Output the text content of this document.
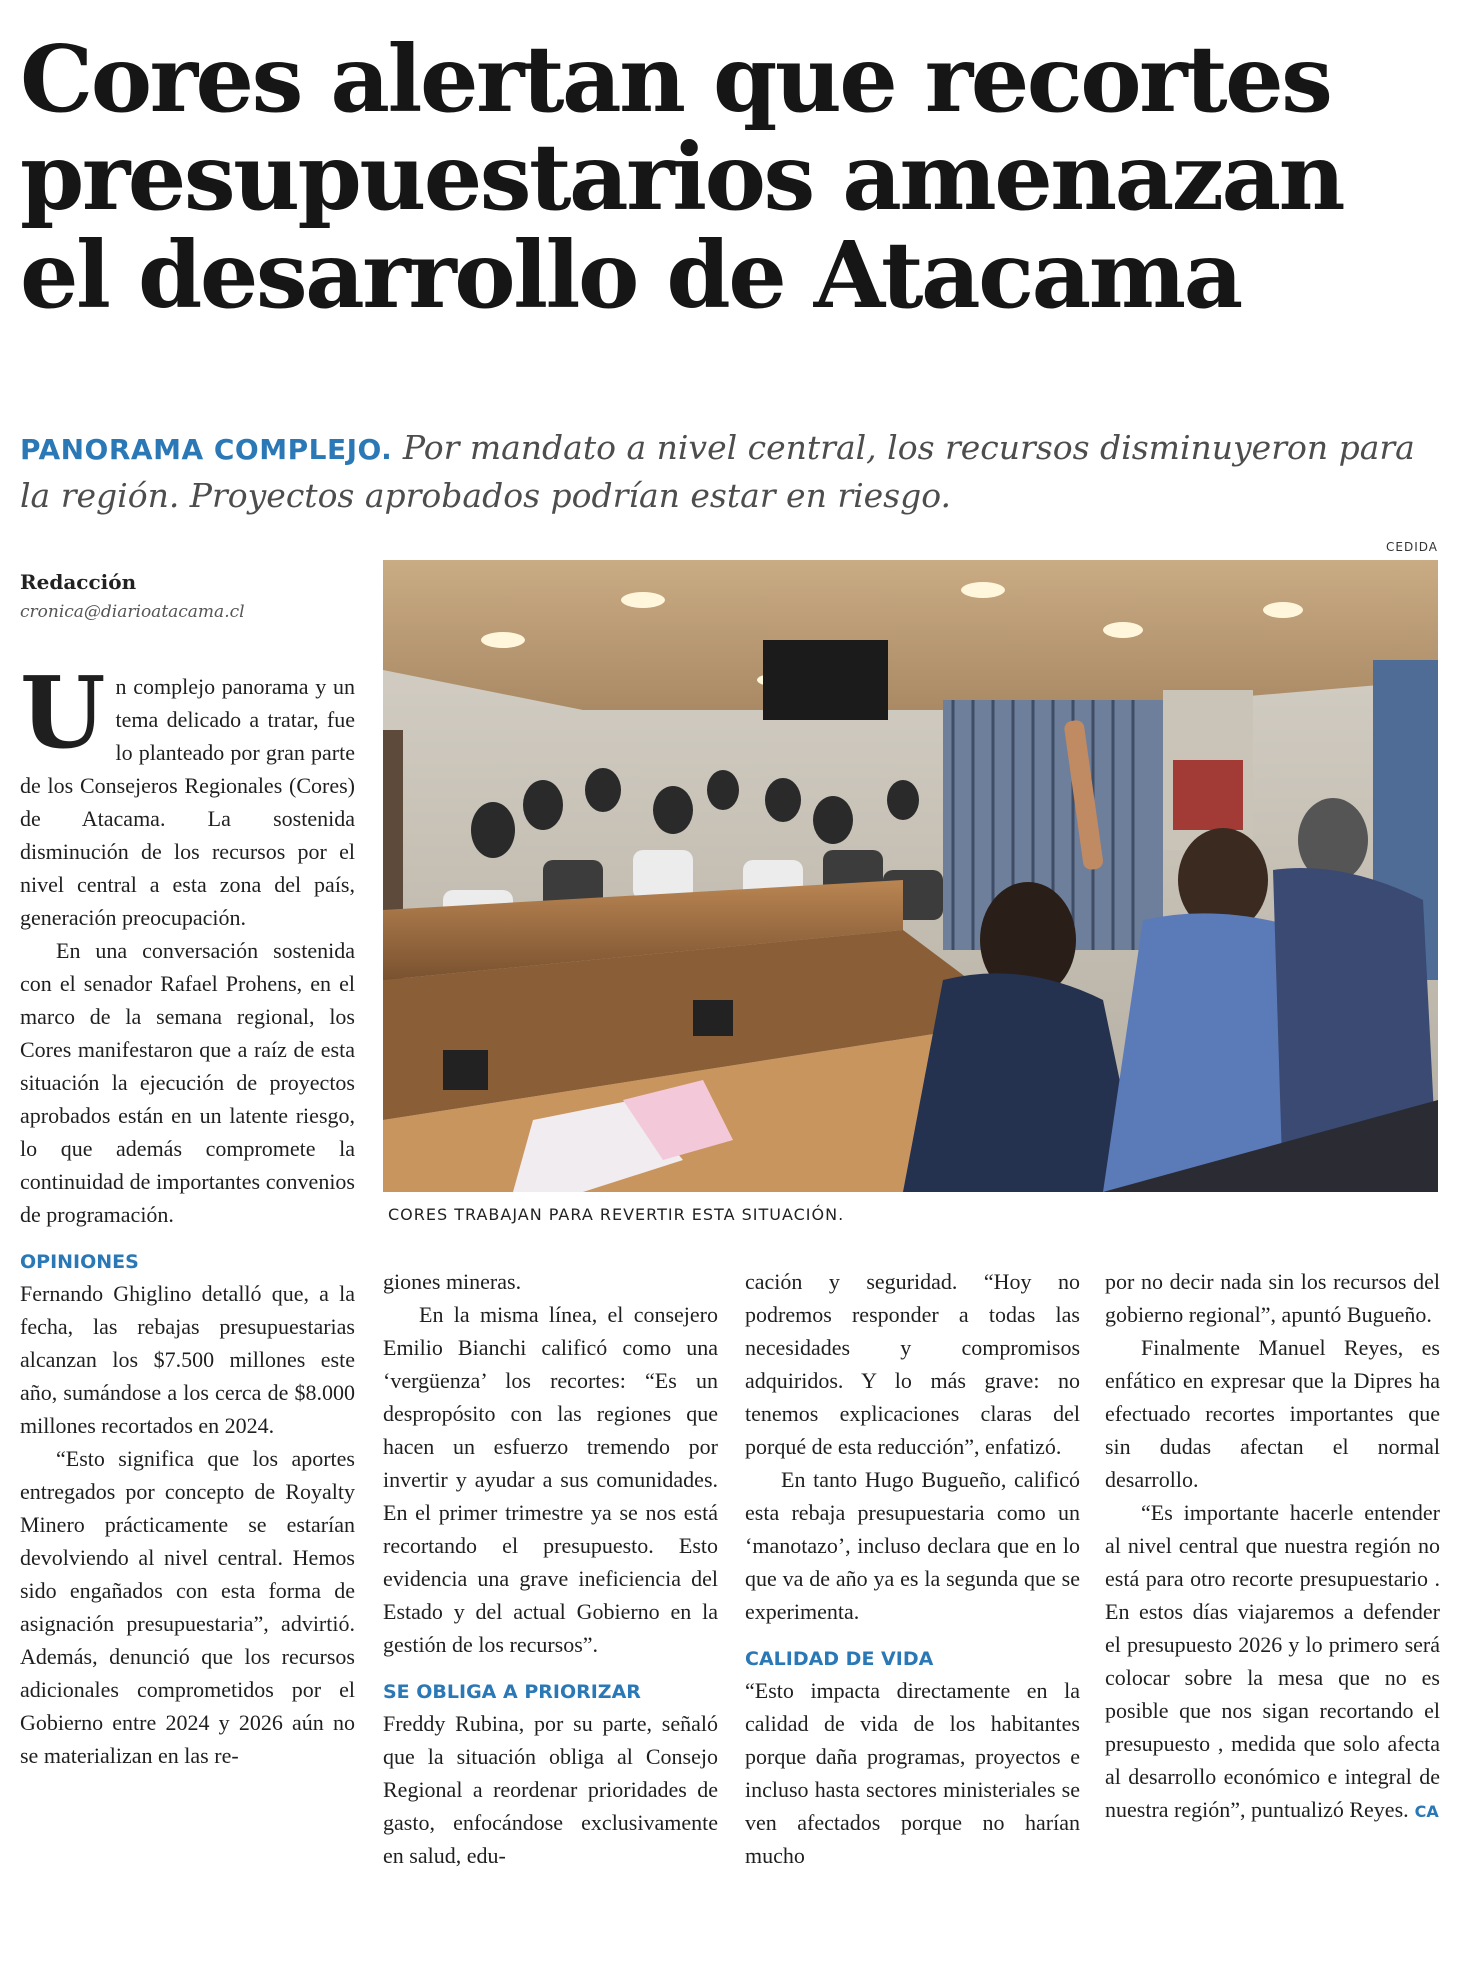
Cores alertan que recortes
presupuestarios amenazan
el desarrollo de Atacama
PANORAMA COMPLEJO. Por mandato a nivel central, los recursos disminuyeron para la región. Proyectos aprobados podrían estar en riesgo.
Redacción
cronica@diarioatacama.cl
CEDIDA
CORES TRABAJAN PARA REVERTIR ESTA SITUACIÓN.

Un complejo panorama y un tema delicado a tratar, fue lo planteado por gran parte de los Consejeros Regionales (Cores) de Atacama. La sostenida disminución de los recursos por el nivel central a esta zona del país, generación preocupación.

En una conversación sostenida con el senador Rafael Prohens, en el marco de la semana regional, los Cores manifestaron que a raíz de esta situación la ejecución de proyectos aprobados están en un latente riesgo, lo que además compromete la continuidad de importantes convenios de programación.

OPINIONES

Fernando Ghiglino detalló que, a la fecha, las rebajas presupuestarias alcanzan los $7.500 millones este año, sumándose a los cerca de $8.000 millones recortados en 2024.

“Esto significa que los aportes entregados por concepto de Royalty Minero prácticamente se estarían devolviendo al nivel central. Hemos sido engañados con esta forma de asignación presupuestaria”, advirtió. Además, denunció que los recursos adicionales comprometidos por el Gobierno entre 2024 y 2026 aún no se materializan en las re-

giones mineras.

En la misma línea, el consejero Emilio Bianchi calificó como una ‘vergüenza’ los recortes: “Es un despropósito con las regiones que hacen un esfuerzo tremendo por invertir y ayudar a sus comunidades. En el primer trimestre ya se nos está recortando el presupuesto. Esto evidencia una grave ineficiencia del Estado y del actual Gobierno en la gestión de los recursos”.

SE OBLIGA A PRIORIZAR

Freddy Rubina, por su parte, señaló que la situación obliga al Consejo Regional a reordenar prioridades de gasto, enfocándose exclusivamente en salud, edu-

cación y seguridad. “Hoy no podremos responder a todas las necesidades y compromisos adquiridos. Y lo más grave: no tenemos explicaciones claras del porqué de esta reducción”, enfatizó.

En tanto Hugo Bugueño, calificó esta rebaja presupuestaria como un ‘manotazo’, incluso declara que en lo que va de año ya es la segunda que se experimenta.

CALIDAD DE VIDA

“Esto impacta directamente en la calidad de vida de los habitantes porque daña programas, proyectos e incluso hasta sectores ministeriales se ven afectados porque no harían mucho

por no decir nada sin los recursos del gobierno regional”, apuntó Bugueño.

Finalmente Manuel Reyes, es enfático en expresar que la Dipres ha efectuado recortes importantes que sin dudas afectan el normal desarrollo.

“Es importante hacerle entender al nivel central que nuestra región no está para otro recorte presupuestario . En estos días viajaremos a defender el presupuesto 2026 y lo primero será colocar sobre la mesa que no es posible que nos sigan recortando el presupuesto , medida que solo afecta al desarrollo económico e integral de nuestra región”, puntualizó Reyes. CA
